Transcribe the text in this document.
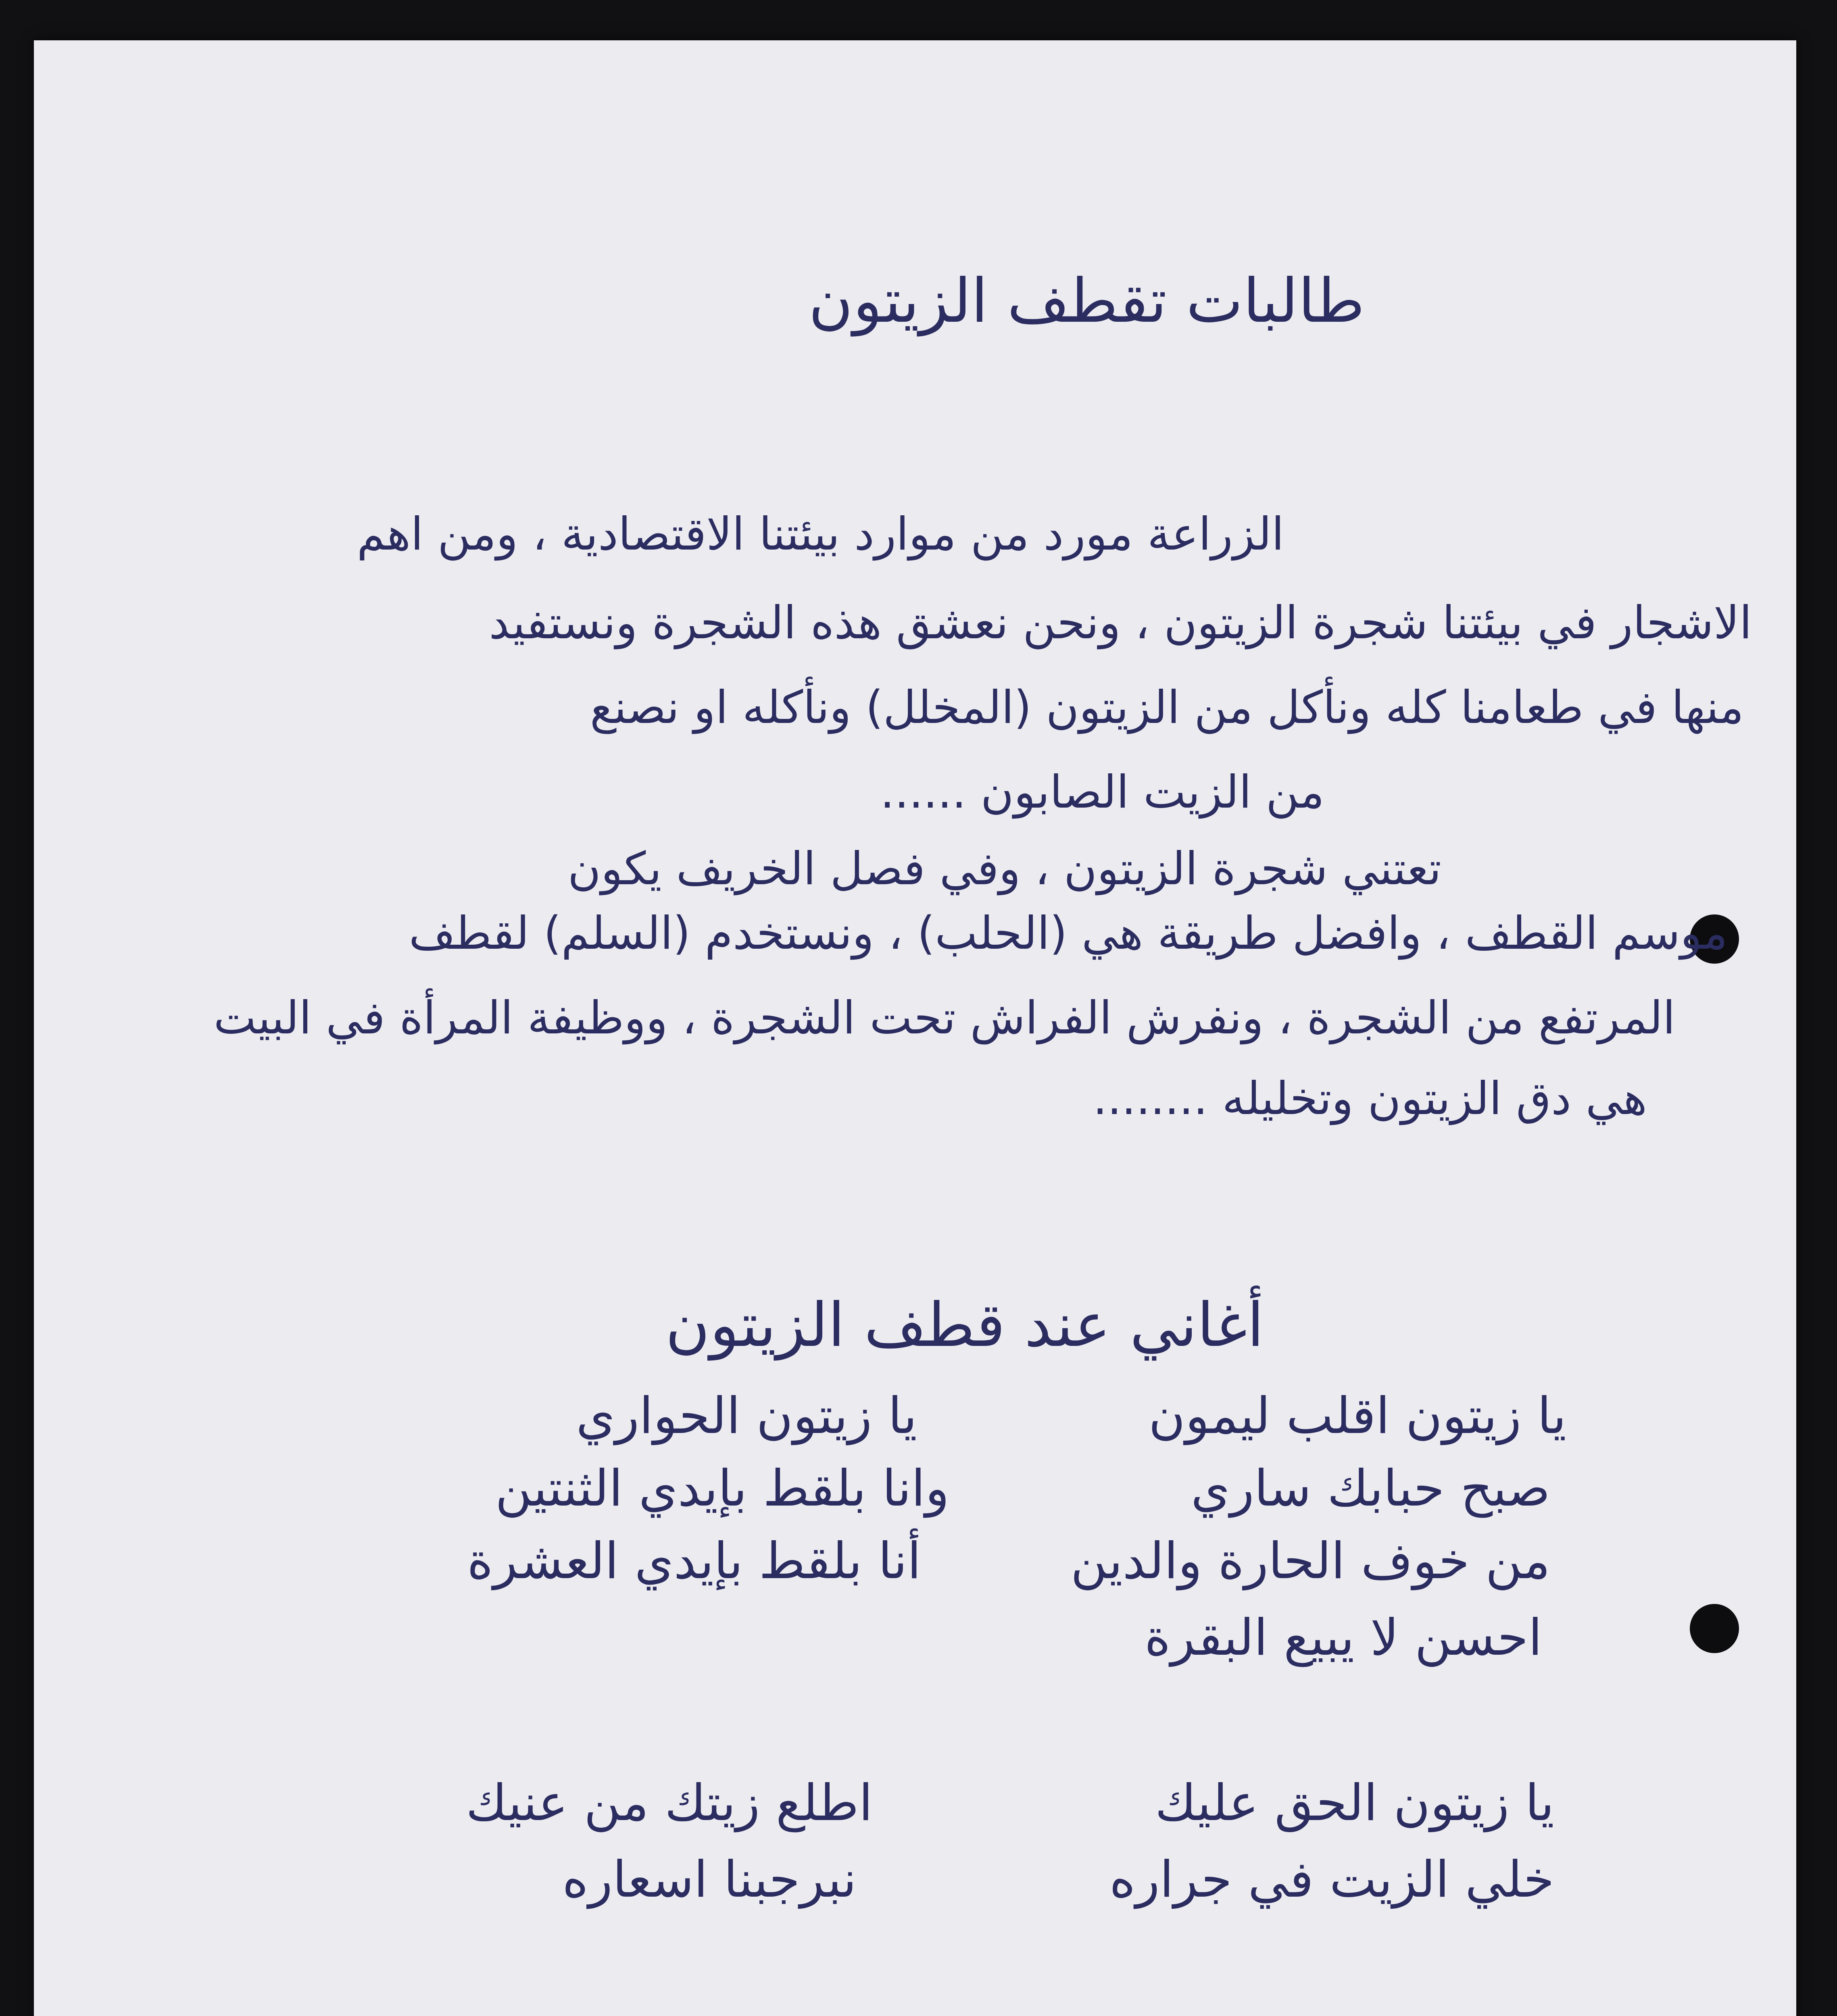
طالبات تقطف الزيتون
الزراعة مورد من موارد بيئتنا الاقتصادية ، ومن اهم
الاشجار في بيئتنا شجرة الزيتون ، ونحن نعشق هذه الشجرة ونستفيد
منها في طعامنا كله ونأكل من الزيتون (المخلل) ونأكله او نصنع
من الزيت الصابون ......
تعتني شجرة الزيتون ، وفي فصل الخريف يكون
موسم القطف ، وافضل طريقة هي (الحلب) ، ونستخدم (السلم) لقطف
المرتفع من الشجرة ، ونفرش الفراش تحت الشجرة ، ووظيفة المرأة في البيت
هي دق الزيتون وتخليله ........
أغاني عند قطف الزيتون
يا زيتون اقلب ليمون
صبح حبابك ساري
من خوف الحارة والدين
احسن لا يبيع البقرة
يا زيتون الحواري
وانا بلقط بإيدي الثنتين
أنا بلقط بإيدي العشرة
يا زيتون الحق عليك
خلي الزيت في جراره
اطلع زيتك من عنيك
نبرجبنا اسعاره
